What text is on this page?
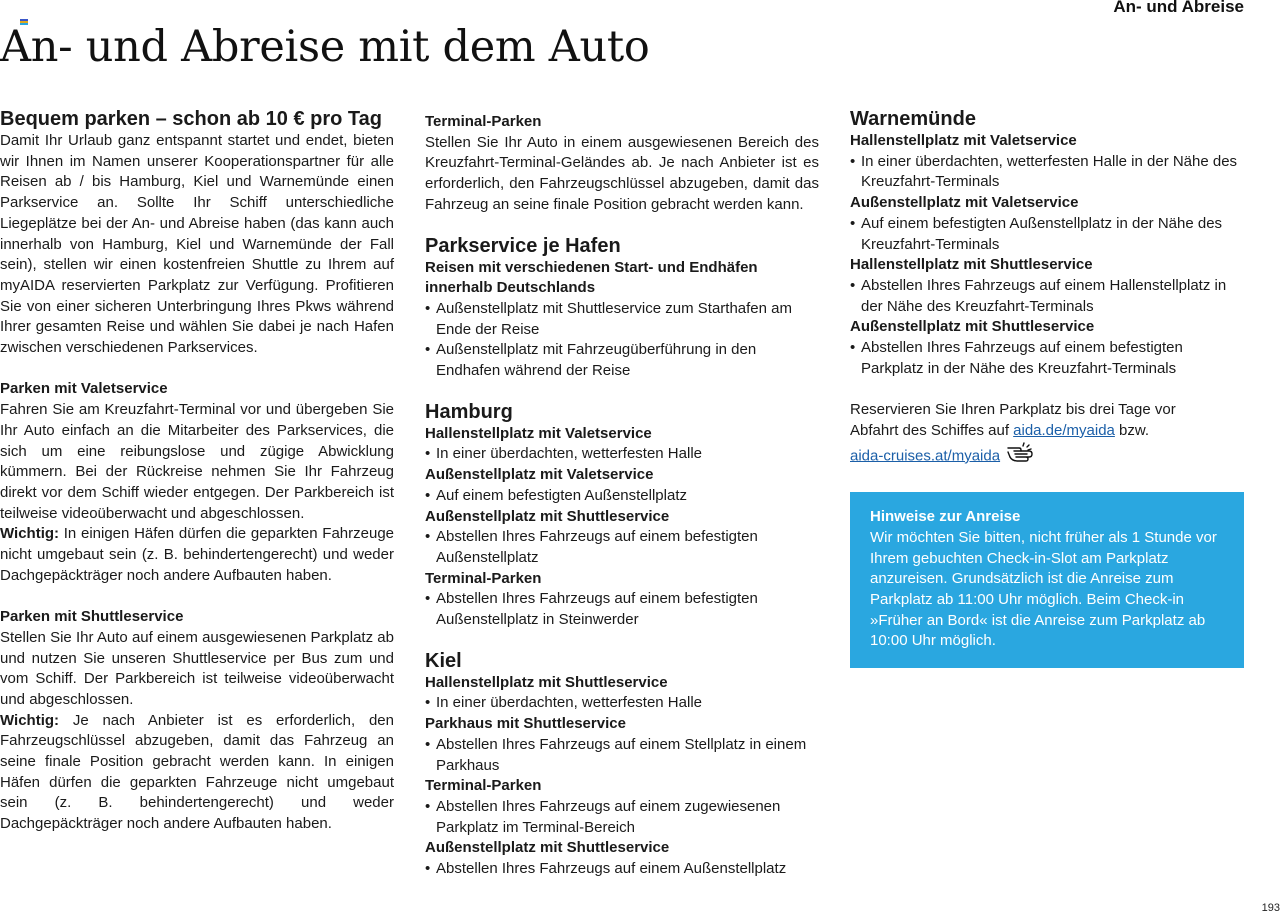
An- und Abreise
An- und Abreise mit dem Auto

Bequem parken – schon ab 10 € pro Tag

Damit Ihr Urlaub ganz entspannt startet und endet, bieten wir Ihnen im Namen unserer Kooperationspartner für alle Reisen ab / bis Hamburg, Kiel und Warnemünde einen Parkservice an. Sollte Ihr Schiff unterschiedliche Liegeplätze bei der An- und Abreise haben (das kann auch innerhalb von Hamburg, Kiel und Warnemünde der Fall sein), stellen wir einen kostenfreien Shuttle zu Ihrem auf myAIDA reservierten Parkplatz zur Verfügung. Profitieren Sie von einer sicheren Unterbringung Ihres Pkws während Ihrer gesamten Reise und wählen Sie dabei je nach Hafen zwischen verschiedenen Parkservices.

Parken mit Valetservice

Fahren Sie am Kreuzfahrt-Terminal vor und übergeben Sie Ihr Auto einfach an die Mitarbeiter des Parkservices, die sich um eine reibungslose und zügige Abwicklung kümmern. Bei der Rückreise nehmen Sie Ihr Fahrzeug direkt vor dem Schiff wieder entgegen. Der Parkbereich ist teilweise videoüberwacht und abgeschlossen.

Wichtig: In einigen Häfen dürfen die geparkten Fahrzeuge nicht umgebaut sein (z. B. behindertengerecht) und weder Dachgepäckträger noch andere Aufbauten haben.

Parken mit Shuttleservice

Stellen Sie Ihr Auto auf einem ausgewiesenen Parkplatz ab und nutzen Sie unseren Shuttleservice per Bus zum und vom Schiff. Der Parkbereich ist teilweise videoüberwacht und abgeschlossen.

Wichtig: Je nach Anbieter ist es erforderlich, den Fahrzeugschlüssel abzugeben, damit das Fahrzeug an seine finale Position gebracht werden kann. In einigen Häfen dürfen die geparkten Fahrzeuge nicht umgebaut sein (z. B. behindertengerecht) und weder Dachgepäckträger noch andere Aufbauten haben.

Terminal-Parken

Stellen Sie Ihr Auto in einem ausgewiesenen Bereich des Kreuzfahrt-Terminal-Geländes ab. Je nach Anbieter ist es erforderlich, den Fahrzeugschlüssel abzugeben, damit das Fahrzeug an seine finale Position gebracht werden kann.

Parkservice je Hafen

Reisen mit verschiedenen Start- und Endhäfen innerhalb Deutschlands

• Außenstellplatz mit Shuttleservice zum Starthafen am Ende der Reise
• Außenstellplatz mit Fahrzeugüberführung in den Endhafen während der Reise

Hamburg

Hallenstellplatz mit Valetservice

• In einer überdachten, wetterfesten Halle

Außenstellplatz mit Valetservice

• Auf einem befestigten Außenstellplatz

Außenstellplatz mit Shuttleservice

• Abstellen Ihres Fahrzeugs auf einem befestigten Außenstellplatz

Terminal-Parken

• Abstellen Ihres Fahrzeugs auf einem befestigten Außenstellplatz in Steinwerder

Kiel

Hallenstellplatz mit Shuttleservice

• In einer überdachten, wetterfesten Halle

Parkhaus mit Shuttleservice

• Abstellen Ihres Fahrzeugs auf einem Stellplatz in einem Parkhaus

Terminal-Parken

• Abstellen Ihres Fahrzeugs auf einem zugewiesenen Parkplatz im Terminal-Bereich

Außenstellplatz mit Shuttleservice

• Abstellen Ihres Fahrzeugs auf einem Außenstellplatz

Warnemünde

Hallenstellplatz mit Valetservice

• In einer überdachten, wetterfesten Halle in der Nähe des Kreuzfahrt-Terminals

Außenstellplatz mit Valetservice

• Auf einem befestigten Außenstellplatz in der Nähe des Kreuzfahrt-Terminals

Hallenstellplatz mit Shuttleservice

• Abstellen Ihres Fahrzeugs auf einem Hallenstellplatz in der Nähe des Kreuzfahrt-Terminals

Außenstellplatz mit Shuttleservice

• Abstellen Ihres Fahrzeugs auf einem befestigten Parkplatz in der Nähe des Kreuzfahrt-Terminals

Reservieren Sie Ihren Parkplatz bis drei Tage vor Abfahrt des Schiffes auf aida.de/myaida bzw.
aida-cruises.at/myaida

Hinweise zur Anreise

Wir möchten Sie bitten, nicht früher als 1 Stunde vor Ihrem gebuchten Check-in-Slot am Parkplatz anzureisen. Grundsätzlich ist die Anreise zum Parkplatz ab 11:00 Uhr möglich. Beim Check-in »Früher an Bord« ist die Anreise zum Parkplatz ab 10:00 Uhr möglich.

193
